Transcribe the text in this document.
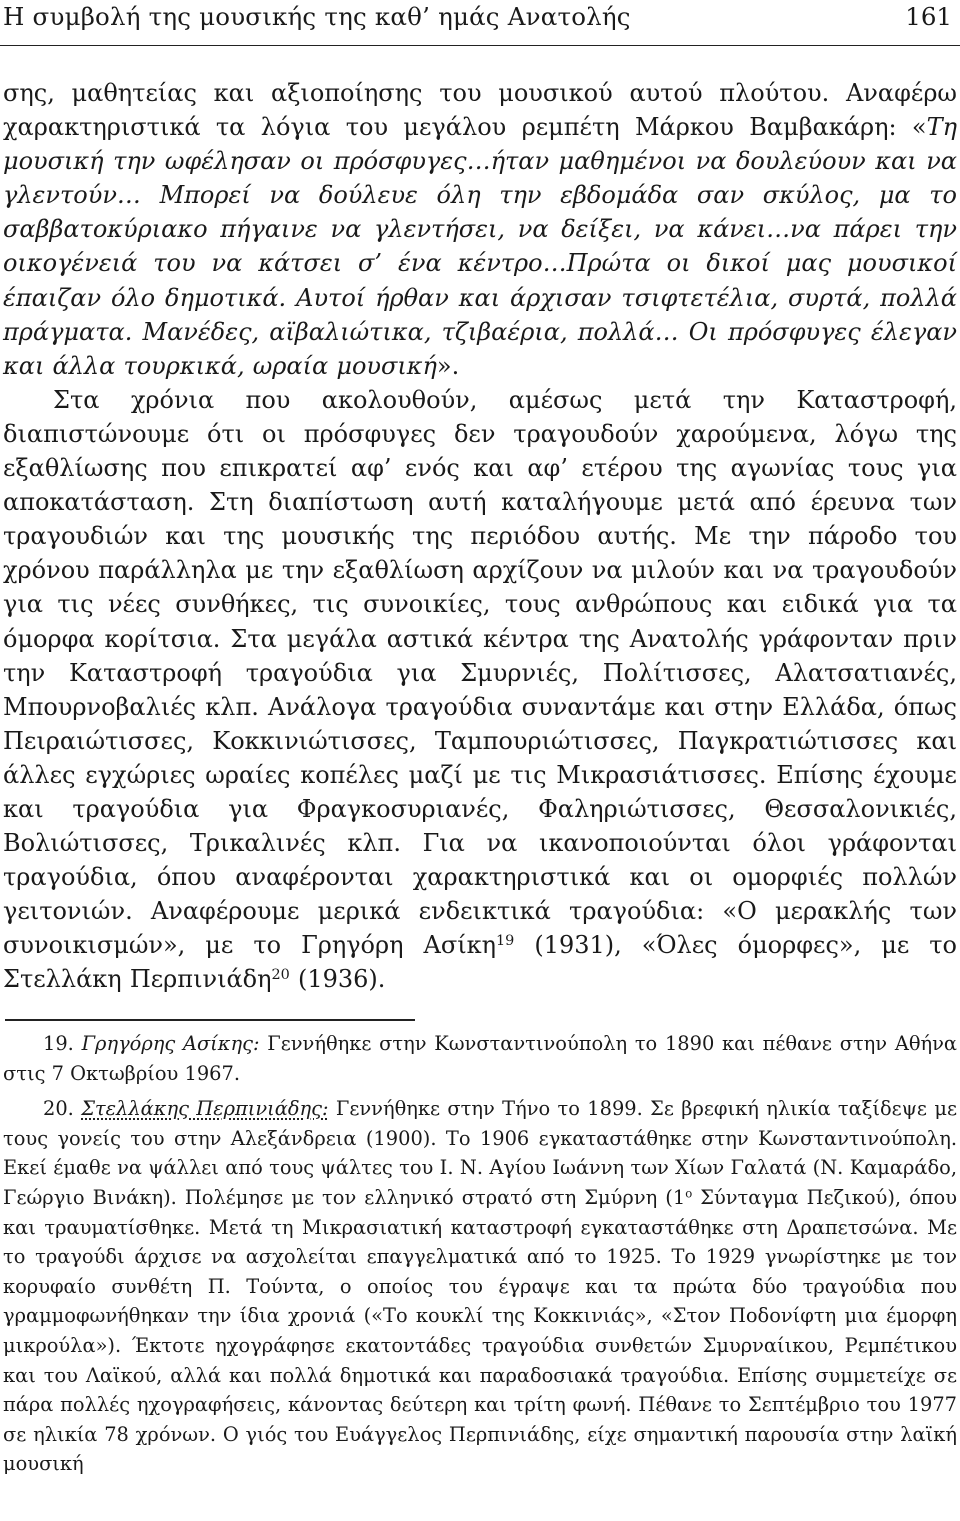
Η συμβολή της μουσικής της καθ’ ημάς Ανατολής	161

σης, μαθητείας και αξιοποίησης του μουσικού αυτού πλούτου. Αναφέρω χαρακτηριστικά τα λόγια του μεγάλου ρεμπέτη Μάρκου Βαμβακάρη: «Τη μουσική την ωφέλησαν οι πρόσφυγες…ήταν μαθημένοι να δουλεύουν και να γλεντούν… Μπορεί να δούλευε όλη την εβδομάδα σαν σκύλος, μα το σαββατοκύριακο πήγαινε να γλεντήσει, να δείξει, να κάνει…να πάρει την οικογένειά του να κάτσει σ’ ένα κέντρο…Πρώτα οι δικοί μας μουσικοί έπαιζαν όλο δημοτικά. Αυτοί ήρθαν και άρχισαν τσιφτετέλια, συρτά, πολλά πράγματα. Μανέδες, αϊβαλιώτικα, τζιβαέρια, πολλά… Οι πρόσφυγες έλεγαν και άλλα τουρκικά, ωραία μουσική».

Στα χρόνια που ακολουθούν, αμέσως μετά την Καταστροφή, διαπιστώνουμε ότι οι πρόσφυγες δεν τραγουδούν χαρούμενα, λόγω της εξαθλίωσης που επικρατεί αφ’ ενός και αφ’ ετέρου της αγωνίας τους για αποκατάσταση. Στη διαπίστωση αυτή καταλήγουμε μετά από έρευνα των τραγουδιών και της μουσικής της περιόδου αυτής. Με την πάροδο του χρόνου παράλληλα με την εξαθλίωση αρχίζουν να μιλούν και να τραγουδούν για τις νέες συνθήκες, τις συνοικίες, τους ανθρώπους και ειδικά για τα όμορφα κορίτσια. Στα μεγάλα αστικά κέντρα της Ανατολής γράφονταν πριν την Καταστροφή τραγούδια για Σμυρνιές, Πολίτισσες, Αλατσατιανές, Μπουρνοβαλιές κλπ. Ανάλογα τραγούδια συναντάμε και στην Ελλάδα, όπως Πειραιώτισσες, Κοκκινιώτισσες, Ταμπουριώτισσες, Παγκρατιώτισσες και άλλες εγχώριες ωραίες κοπέλες μαζί με τις Μικρασιάτισσες. Επίσης έχουμε και τραγούδια για Φραγκοσυριανές, Φαληριώτισσες, Θεσσαλονικιές, Βολιώτισσες, Τρικαλινές κλπ. Για να ικανοποιούνται όλοι γράφονται τραγούδια, όπου αναφέρονται χαρακτηριστικά και οι ομορφιές πολλών γειτονιών. Αναφέρουμε μερικά ενδεικτικά τραγούδια: «Ο μερακλής των συνοικισμών», με το Γρηγόρη Ασίκη$^{19}$ (1931), «Όλες όμορφες», με το Στελλάκη Περπινιάδη$^{20}$ (1936).

19. Γρηγόρης Ασίκης: Γεννήθηκε στην Κωνσταντινούπολη το 1890 και πέθανε στην Αθήνα στις 7 Οκτωβρίου 1967.

20. Στελλάκης Περπινιάδης: Γεννήθηκε στην Τήνο το 1899. Σε βρεφική ηλικία ταξίδεψε με τους γονείς του στην Αλεξάνδρεια (1900). Το 1906 εγκαταστάθηκε στην Κωνσταντινούπολη. Εκεί έμαθε να ψάλλει από τους ψάλτες του Ι. Ν. Αγίου Ιωάννη των Χίων Γαλατά (Ν. Καμαράδο, Γεώργιο Βινάκη). Πολέμησε με τον ελληνικό στρατό στη Σμύρνη ($1^o$ Σύνταγμα Πεζικού), όπου και τραυματίσθηκε. Μετά τη Μικρασιατική καταστροφή εγκαταστάθηκε στη Δραπετσώνα. Με το τραγούδι άρχισε να ασχολείται επαγγελματικά από το 1925. Το 1929 γνωρίστηκε με τον κορυφαίο συνθέτη Π. Τούντα, ο οποίος του έγραψε και τα πρώτα δύο τραγούδια που γραμμοφωνήθηκαν την ίδια χρονιά («Το κουκλί της Κοκκινιάς», «Στον Ποδονίφτη μια έμορφη μικρούλα»). Έκτοτε ηχογράφησε εκατοντάδες τραγούδια συνθετών Σμυρναίικου, Ρεμπέτικου και του Λαϊκού, αλλά και πολλά δημοτικά και παραδοσιακά τραγούδια. Επίσης συμμετείχε σε πάρα πολλές ηχογραφήσεις, κάνοντας δεύτερη και τρίτη φωνή. Πέθανε το Σεπτέμβριο του 1977 σε ηλικία 78 χρόνων. Ο γιός του Ευάγγελος Περπινιάδης, είχε σημαντική παρουσία στην λαϊκή μουσική
